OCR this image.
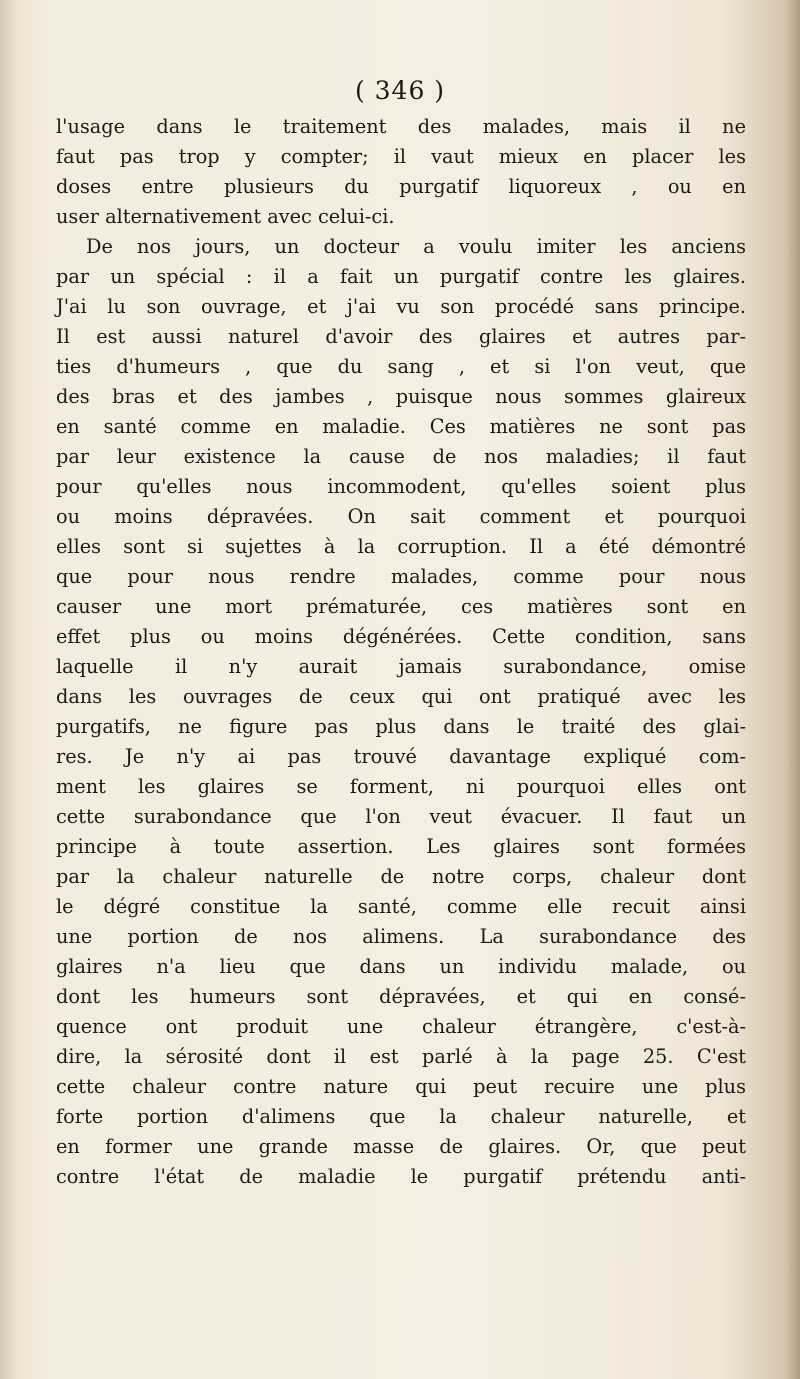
( 346 )
l'usage dans le traitement des malades, mais il ne
faut pas trop y compter; il vaut mieux en placer les
doses entre plusieurs du purgatif liquoreux , ou en
user alternativement avec celui-ci.
De nos jours, un docteur a voulu imiter les anciens
par un spécial : il a fait un purgatif contre les glaires.
J'ai lu son ouvrage, et j'ai vu son procédé sans principe.
Il est aussi naturel d'avoir des glaires et autres par-
ties d'humeurs , que du sang , et si l'on veut, que
des bras et des jambes , puisque nous sommes glaireux
en santé comme en maladie. Ces matières ne sont pas
par leur existence la cause de nos maladies; il faut
pour qu'elles nous incommodent, qu'elles soient plus
ou moins dépravées. On sait comment et pourquoi
elles sont si sujettes à la corruption. Il a été démontré
que pour nous rendre malades, comme pour nous
causer une mort prématurée, ces matières sont en
effet plus ou moins dégénérées. Cette condition, sans
laquelle il n'y aurait jamais surabondance, omise
dans les ouvrages de ceux qui ont pratiqué avec les
purgatifs, ne figure pas plus dans le traité des glai-
res. Je n'y ai pas trouvé davantage expliqué com-
ment les glaires se forment, ni pourquoi elles ont
cette surabondance que l'on veut évacuer. Il faut un
principe à toute assertion. Les glaires sont formées
par la chaleur naturelle de notre corps, chaleur dont
le dégré constitue la santé, comme elle recuit ainsi
une portion de nos alimens. La surabondance des
glaires n'a lieu que dans un individu malade, ou
dont les humeurs sont dépravées, et qui en consé-
quence ont produit une chaleur étrangère, c'est-à-
dire, la sérosité dont il est parlé à la page 25. C'est
cette chaleur contre nature qui peut recuire une plus
forte portion d'alimens que la chaleur naturelle, et
en former une grande masse de glaires. Or, que peut
contre l'état de maladie le purgatif prétendu anti-
